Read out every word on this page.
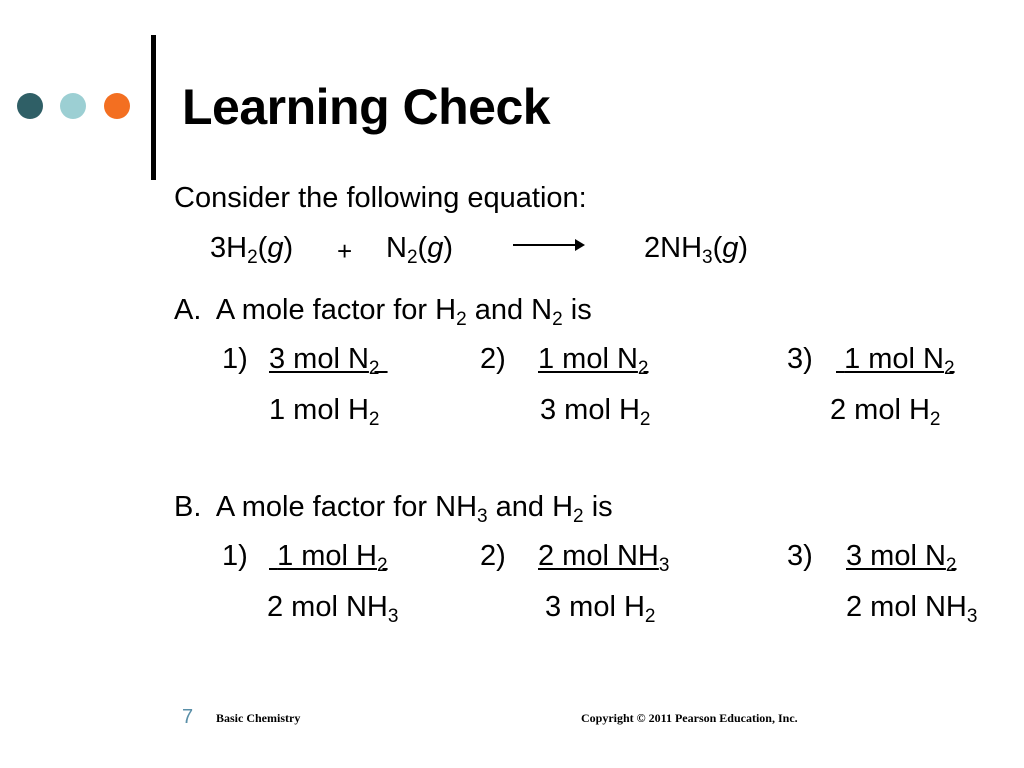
Learning Check
Consider the following equation:
$3H_2(g) + N_2(g)$	$2NH_3(g)$
A. A mole factor for $H_2$ and $N_2$ is
1) 3 mol $N_2$
1 mol $H_2$
2) 1 mol $N_2$
3 mol $H_2$
3) 1 mol $N_2$
2 mol $H_2$
B. A mole factor for $NH_3$ and $H_2$ is
1) 1 mol $H_2$
2 mol $NH_3$
2) 2 mol $NH_3$
3 mol $H_2$
3) 3 mol $N_2$
2 mol $NH_3$
7 Basic Chemistry	Copyright © 2011 Pearson Education, Inc.
